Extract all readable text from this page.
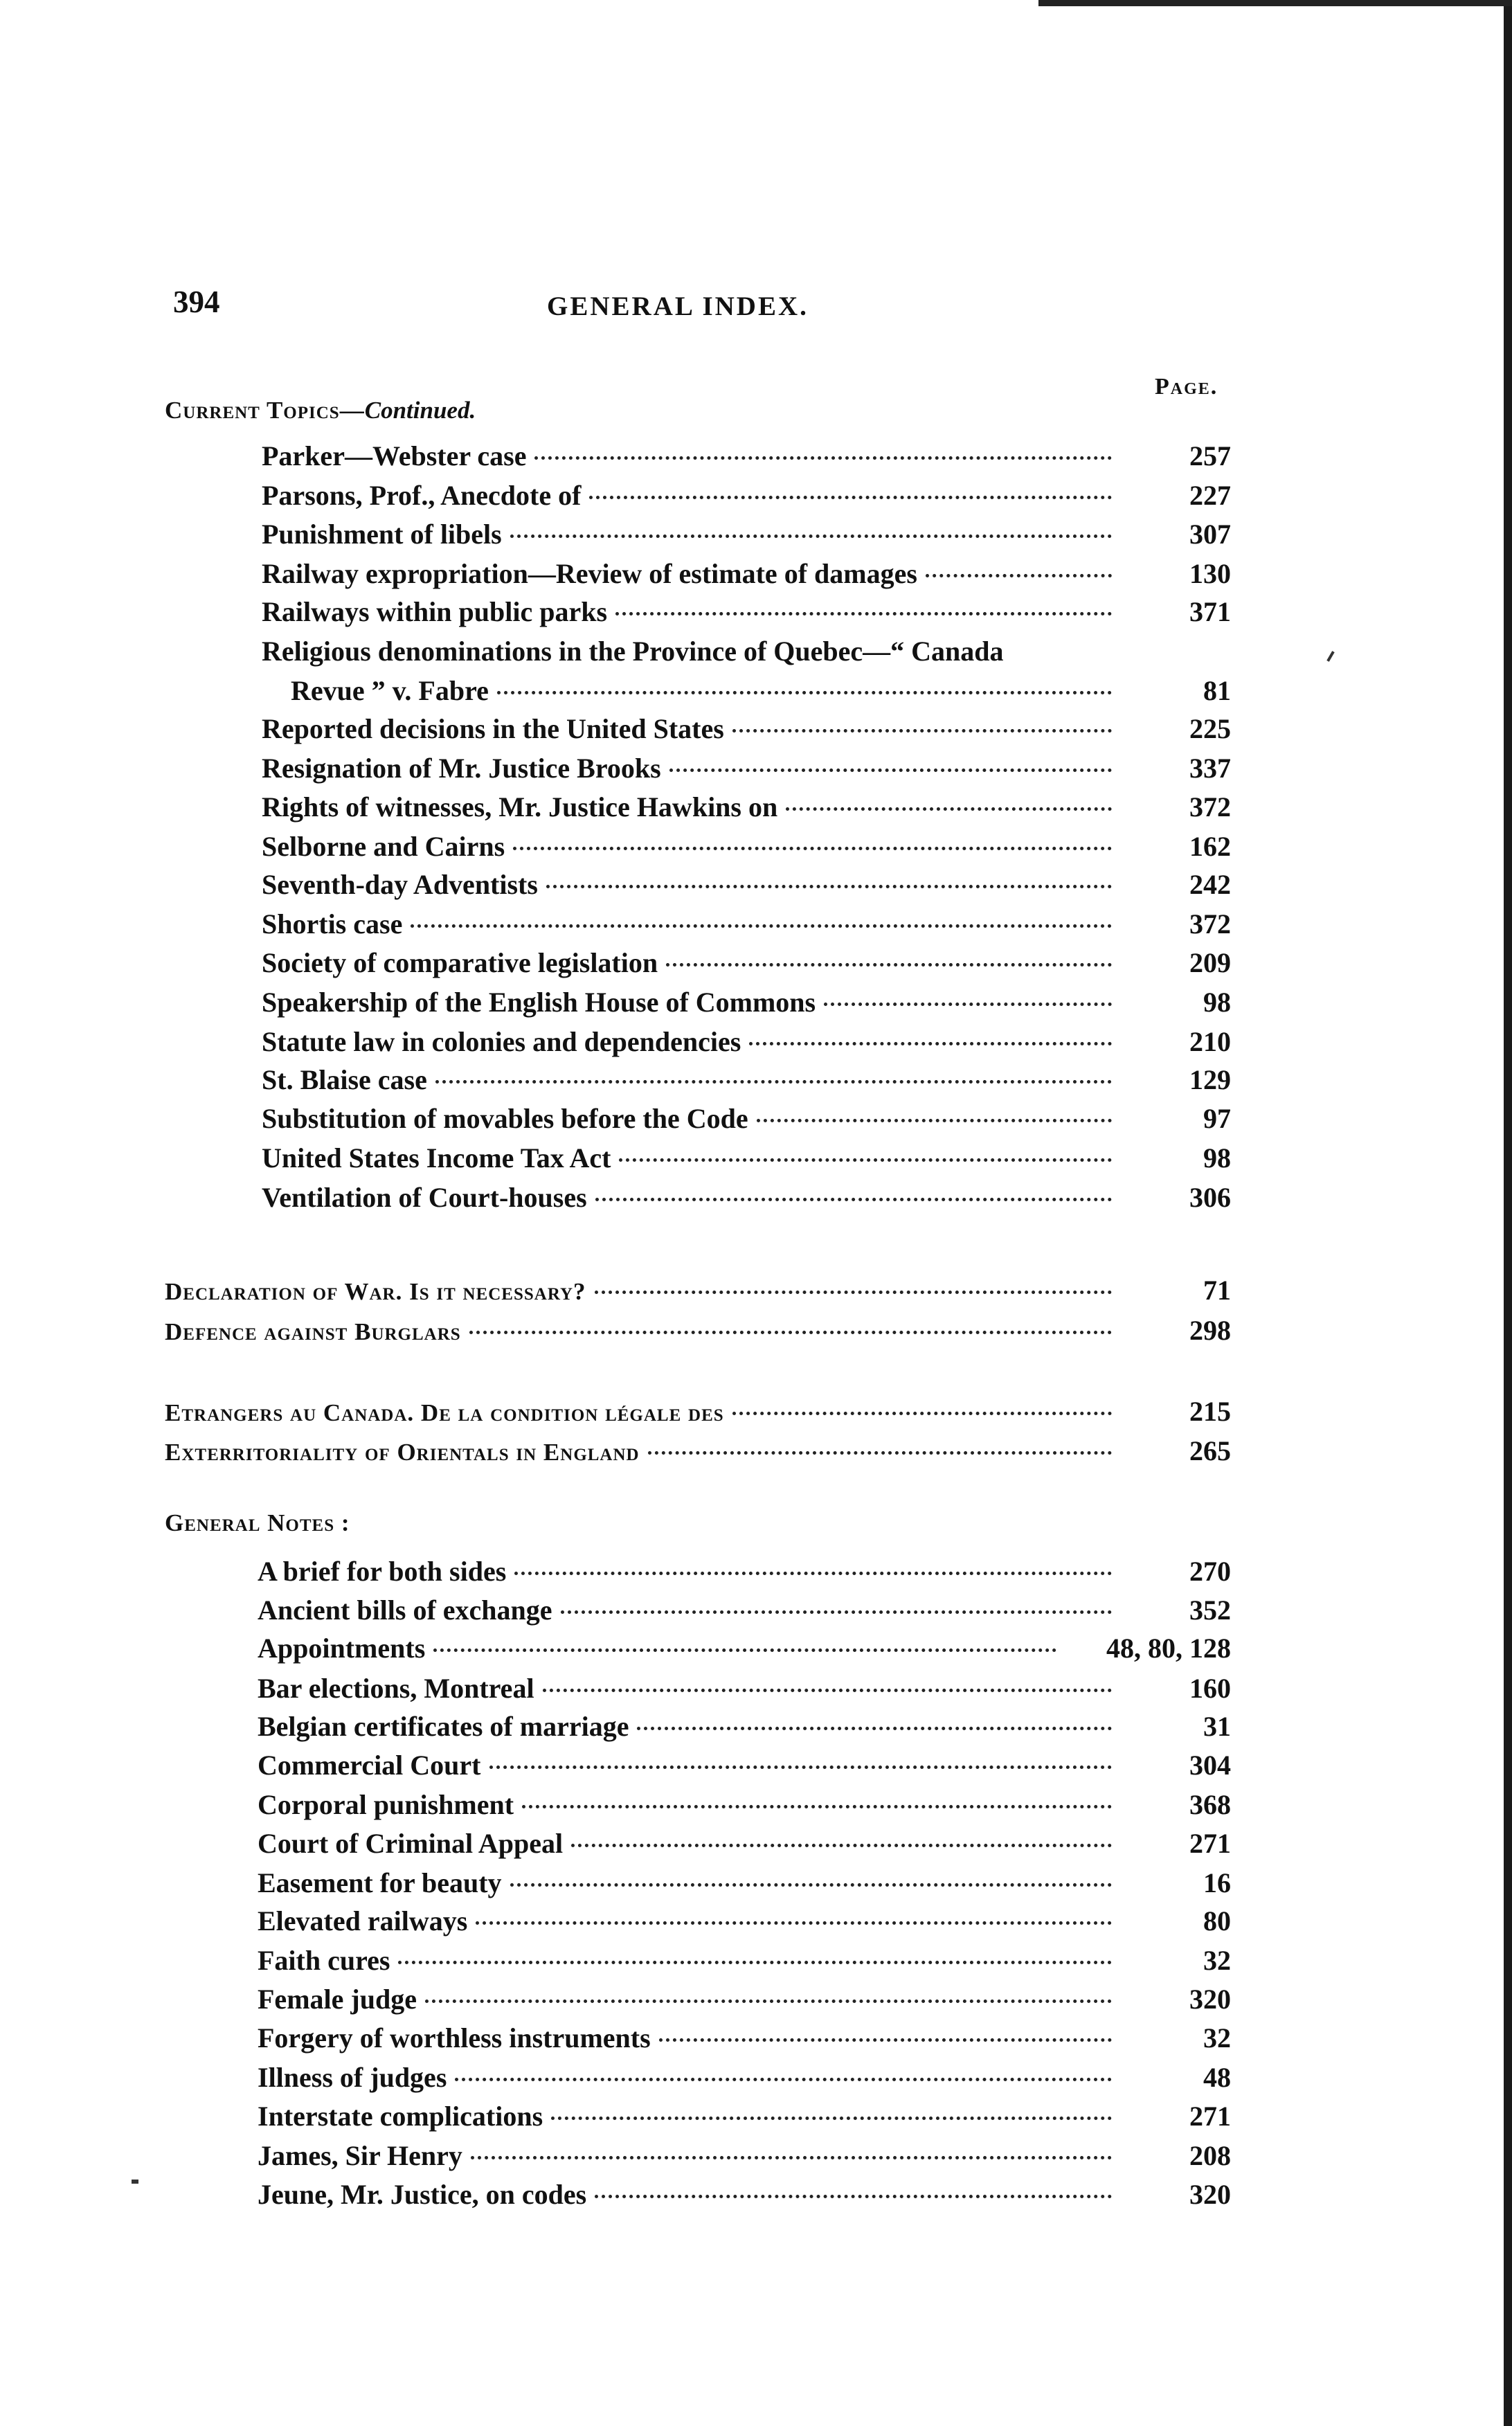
394	GENERAL INDEX.
Page.
Current Topics—Continued.
Parker—Webster case	257
Parsons, Prof., Anecdote of	227
Punishment of libels	307
Railway expropriation—Review of estimate of damages	130
Railways within public parks	371
Religious denominations in the Province of Quebec—“ Canada
Revue ” v. Fabre	81
Reported decisions in the United States	225
Resignation of Mr. Justice Brooks	337
Rights of witnesses, Mr. Justice Hawkins on	372
Selborne and Cairns	162
Seventh-day Adventists	242
Shortis case	372
Society of comparative legislation	209
Speakership of the English House of Commons	98
Statute law in colonies and dependencies	210
St. Blaise case	129
Substitution of movables before the Code	97
United States Income Tax Act	98
Ventilation of Court-houses	306
Declaration of War. Is it necessary?	71
Defence against Burglars	298
Etrangers au Canada. De la condition légale des	215
Exterritoriality of Orientals in England	265
General Notes :
A brief for both sides	270
Ancient bills of exchange	352
Appointments	48, 80, 128
Bar elections, Montreal	160
Belgian certificates of marriage	31
Commercial Court	304
Corporal punishment	368
Court of Criminal Appeal	271
Easement for beauty	16
Elevated railways	80
Faith cures	32
Female judge	320
Forgery of worthless instruments	32
Illness of judges	48
Interstate complications	271
James, Sir Henry	208
Jeune, Mr. Justice, on codes	320
